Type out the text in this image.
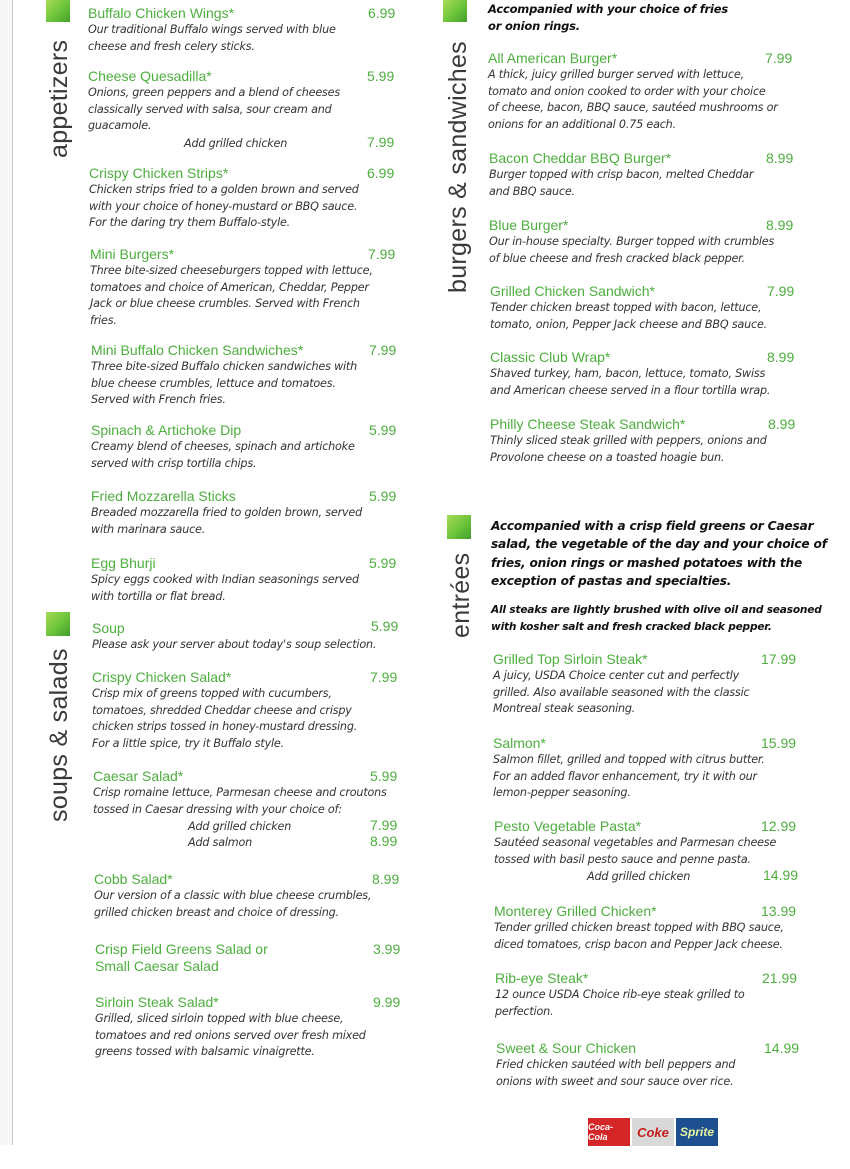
appetizers
soups & salads
burgers & sandwiches
entrées
Accompanied with your choice of fries
or onion rings.
Accompanied with a crisp field greens or Caesar
salad, the vegetable of the day and your choice of
fries, onion rings or mashed potatoes with the
exception of pastas and specialties.
All steaks are lightly brushed with olive oil and seasoned
with kosher salt and fresh cracked black pepper.
Buffalo Chicken Wings*	6.99
Our traditional Buffalo wings served with blue
cheese and fresh celery sticks.
Cheese Quesadilla*	5.99
Onions, green peppers and a blend of cheeses
classically served with salsa, sour cream and
guacamole.
Add grilled chicken	7.99
Crispy Chicken Strips*	6.99
Chicken strips fried to a golden brown and served
with your choice of honey-mustard or BBQ sauce.
For the daring try them Buffalo-style.
Mini Burgers*	7.99
Three bite-sized cheeseburgers topped with lettuce,
tomatoes and choice of American, Cheddar, Pepper
Jack or blue cheese crumbles. Served with French
fries.
Mini Buffalo Chicken Sandwiches*	7.99
Three bite-sized Buffalo chicken sandwiches with
blue cheese crumbles, lettuce and tomatoes.
Served with French fries.
Spinach & Artichoke Dip	5.99
Creamy blend of cheeses, spinach and artichoke
served with crisp tortilla chips.
Fried Mozzarella Sticks	5.99
Breaded mozzarella fried to golden brown, served
with marinara sauce.
Egg Bhurji	5.99
Spicy eggs cooked with Indian seasonings served
with tortilla or flat bread.
Soup	5.99
Please ask your server about today's soup selection.
Crispy Chicken Salad*	7.99
Crisp mix of greens topped with cucumbers,
tomatoes, shredded Cheddar cheese and crispy
chicken strips tossed in honey-mustard dressing.
For a little spice, try it Buffalo style.
Caesar Salad*	5.99
Crisp romaine lettuce, Parmesan cheese and croutons
tossed in Caesar dressing with your choice of:
Add grilled chicken	7.99
Add salmon	8.99
Cobb Salad*	8.99
Our version of a classic with blue cheese crumbles,
grilled chicken breast and choice of dressing.
Crisp Field Greens Salad or	3.99
Small Caesar Salad
Sirloin Steak Salad*	9.99
Grilled, sliced sirloin topped with blue cheese,
tomatoes and red onions served over fresh mixed
greens tossed with balsamic vinaigrette.
All American Burger*	7.99
A thick, juicy grilled burger served with lettuce,
tomato and onion cooked to order with your choice
of cheese, bacon, BBQ sauce, sautéed mushrooms or
onions for an additional 0.75 each.
Bacon Cheddar BBQ Burger*	8.99
Burger topped with crisp bacon, melted Cheddar
and BBQ sauce.
Blue Burger*	8.99
Our in-house specialty. Burger topped with crumbles
of blue cheese and fresh cracked black pepper.
Grilled Chicken Sandwich*	7.99
Tender chicken breast topped with bacon, lettuce,
tomato, onion, Pepper Jack cheese and BBQ sauce.
Classic Club Wrap*	8.99
Shaved turkey, ham, bacon, lettuce, tomato, Swiss
and American cheese served in a flour tortilla wrap.
Philly Cheese Steak Sandwich*	8.99
Thinly sliced steak grilled with peppers, onions and
Provolone cheese on a toasted hoagie bun.
Grilled Top Sirloin Steak*	17.99
A juicy, USDA Choice center cut and perfectly
grilled. Also available seasoned with the classic
Montreal steak seasoning.
Salmon*	15.99
Salmon fillet, grilled and topped with citrus butter.
For an added flavor enhancement, try it with our
lemon-pepper seasoning.
Pesto Vegetable Pasta*	12.99
Sautéed seasonal vegetables and Parmesan cheese
tossed with basil pesto sauce and penne pasta.
Add grilled chicken	14.99
Monterey Grilled Chicken*	13.99
Tender grilled chicken breast topped with BBQ sauce,
diced tomatoes, crisp bacon and Pepper Jack cheese.
Rib-eye Steak*	21.99
12 ounce USDA Choice rib-eye steak grilled to
perfection.
Sweet & Sour Chicken	14.99
Fried chicken sautéed with bell peppers and
onions with sweet and sour sauce over rice.
Coca-Cola	Coke Sprite
